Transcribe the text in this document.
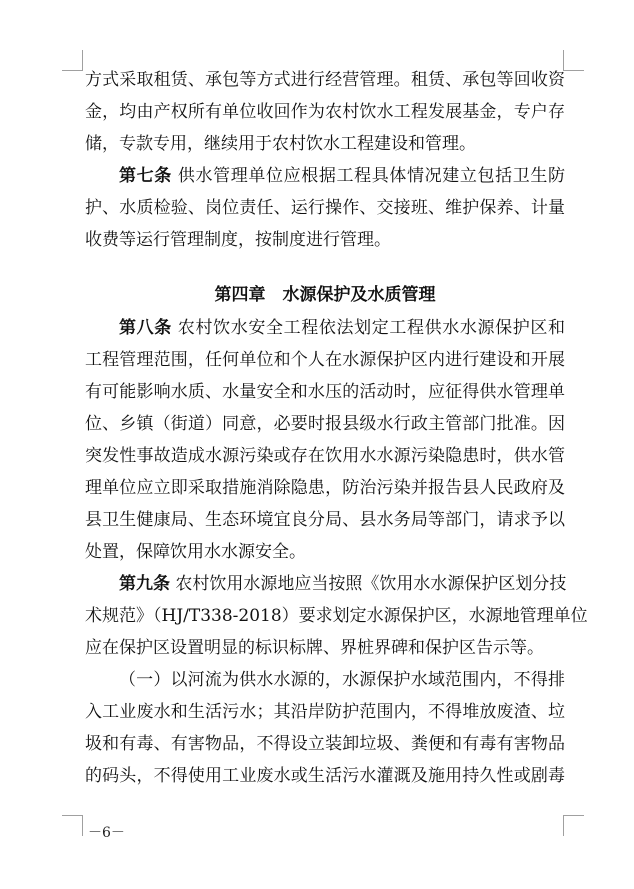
方式采取租赁、承包等方式进行经营管理。租赁、承包等回收资
金，均由产权所有单位收回作为农村饮水工程发展基金，专户存
储，专款专用，继续用于农村饮水工程建设和管理。
第七条 供水管理单位应根据工程具体情况建立包括卫生防
护、水质检验、岗位责任、运行操作、交接班、维护保养、计量
收费等运行管理制度，按制度进行管理。
第四章　水源保护及水质管理
第八条 农村饮水安全工程依法划定工程供水水源保护区和
工程管理范围，任何单位和个人在水源保护区内进行建设和开展
有可能影响水质、水量安全和水压的活动时，应征得供水管理单
位、乡镇（街道）同意，必要时报县级水行政主管部门批准。因
突发性事故造成水源污染或存在饮用水水源污染隐患时，供水管
理单位应立即采取措施消除隐患，防治污染并报告县人民政府及
县卫生健康局、生态环境宜良分局、县水务局等部门，请求予以
处置，保障饮用水水源安全。
第九条 农村饮用水源地应当按照《饮用水水源保护区划分技
术规范》（HJ/T338-2018）要求划定水源保护区，水源地管理单位
应在保护区设置明显的标识标牌、界桩界碑和保护区告示等。
（一）以河流为供水水源的，水源保护水域范围内，不得排
入工业废水和生活污水；其沿岸防护范围内，不得堆放废渣、垃
圾和有毒、有害物品，不得设立装卸垃圾、粪便和有毒有害物品
的码头，不得使用工业废水或生活污水灌溉及施用持久性或剧毒
－6－
